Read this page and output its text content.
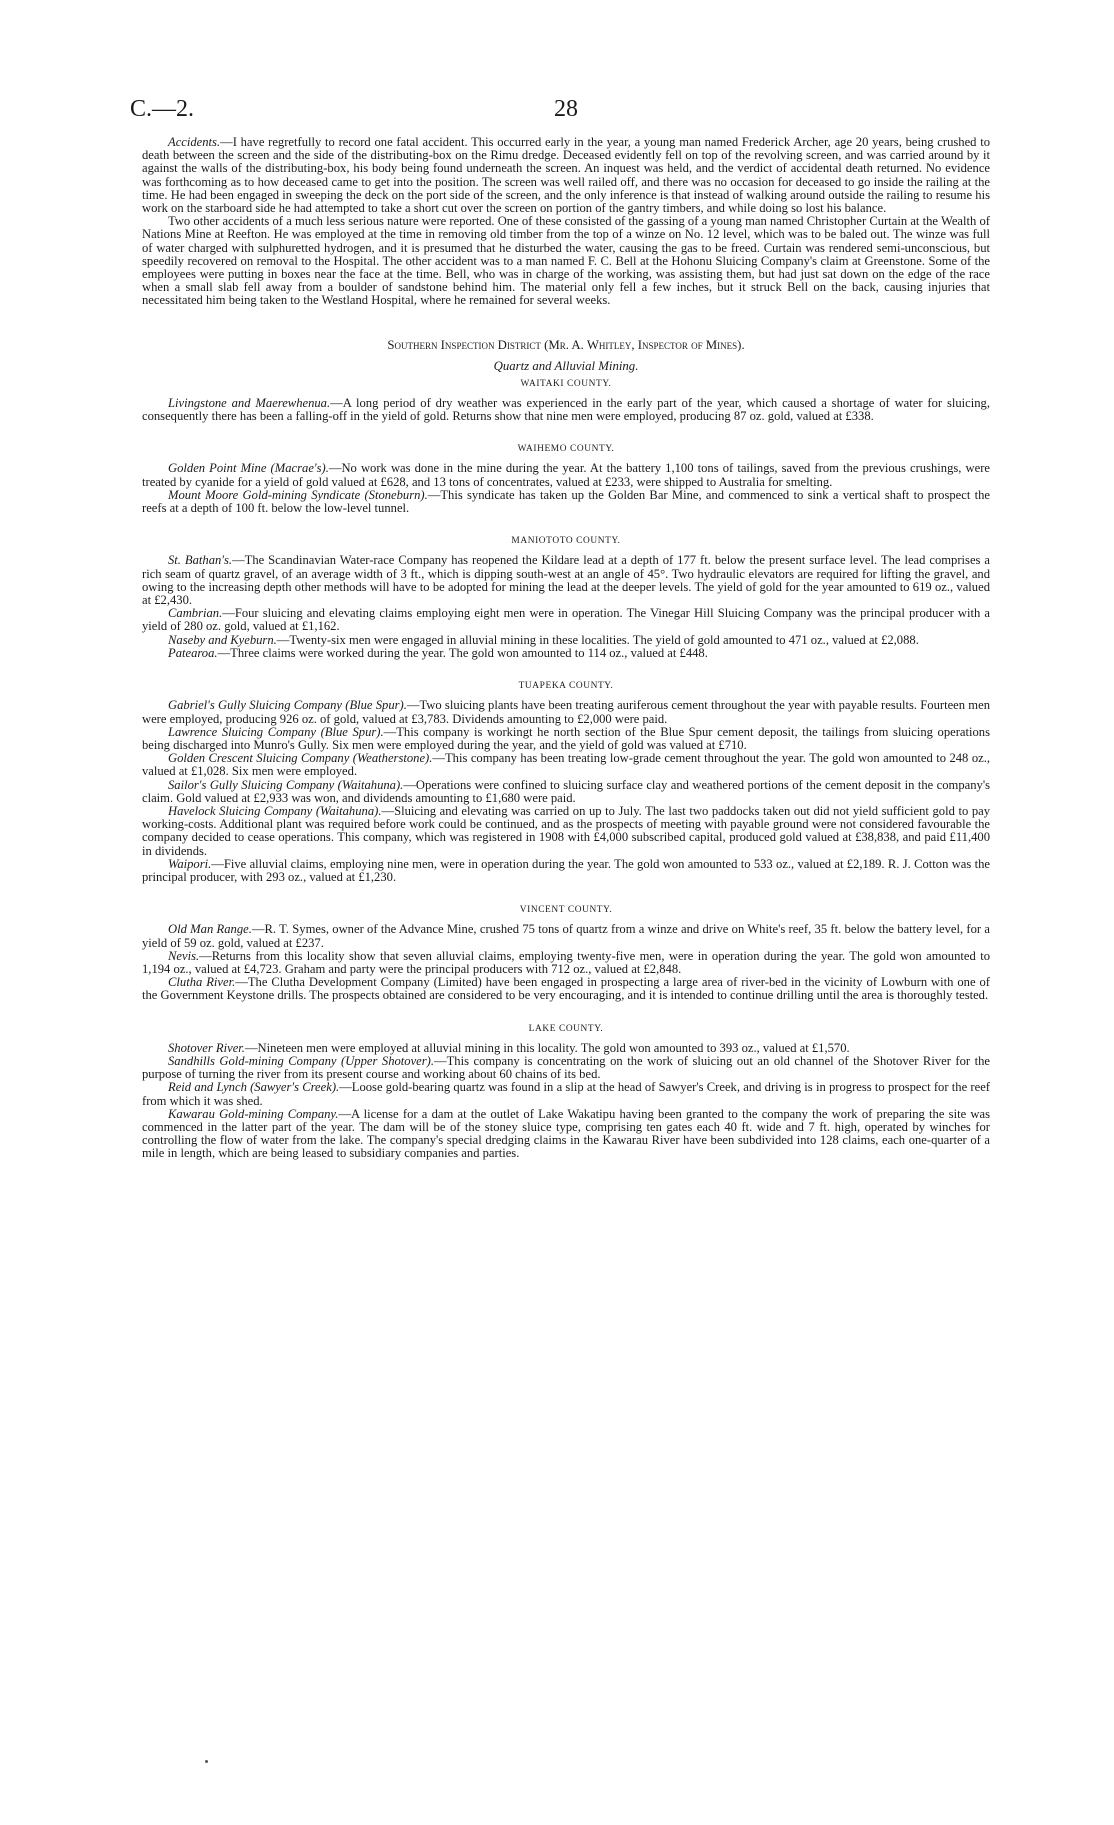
C.—2.	28

Accidents.—I have regretfully to record one fatal accident. This occurred early in the year, a young man named Frederick Archer, age 20 years, being crushed to death between the screen and the side of the distributing-box on the Rimu dredge. Deceased evidently fell on top of the revolving screen, and was carried around by it against the walls of the distributing-box, his body being found underneath the screen. An inquest was held, and the verdict of accidental death returned. No evidence was forthcoming as to how deceased came to get into the position. The screen was well railed off, and there was no occasion for deceased to go inside the railing at the time. He had been engaged in sweeping the deck on the port side of the screen, and the only inference is that instead of walking around outside the railing to resume his work on the starboard side he had attempted to take a short cut over the screen on portion of the gantry timbers, and while doing so lost his balance.

Two other accidents of a much less serious nature were reported. One of these consisted of the gassing of a young man named Christopher Curtain at the Wealth of Nations Mine at Reefton. He was employed at the time in removing old timber from the top of a winze on No. 12 level, which was to be baled out. The winze was full of water charged with sulphuretted hydrogen, and it is presumed that he disturbed the water, causing the gas to be freed. Curtain was rendered semi-unconscious, but speedily recovered on removal to the Hospital. The other accident was to a man named F. C. Bell at the Hohonu Sluicing Company's claim at Greenstone. Some of the employees were putting in boxes near the face at the time. Bell, who was in charge of the working, was assisting them, but had just sat down on the edge of the race when a small slab fell away from a boulder of sandstone behind him. The material only fell a few inches, but it struck Bell on the back, causing injuries that necessitated him being taken to the Westland Hospital, where he remained for several weeks.

Southern Inspection District (Mr. A. Whitley, Inspector of Mines).
Quartz and Alluvial Mining.
WAITAKI COUNTY.

Livingstone and Maerewhenua.—A long period of dry weather was experienced in the early part of the year, which caused a shortage of water for sluicing, consequently there has been a falling-off in the yield of gold. Returns show that nine men were employed, producing 87 oz. gold, valued at £338.

WAIHEMO COUNTY.

Golden Point Mine (Macrae's).—No work was done in the mine during the year. At the battery 1,100 tons of tailings, saved from the previous crushings, were treated by cyanide for a yield of gold valued at £628, and 13 tons of concentrates, valued at £233, were shipped to Australia for smelting.

Mount Moore Gold-mining Syndicate (Stoneburn).—This syndicate has taken up the Golden Bar Mine, and commenced to sink a vertical shaft to prospect the reefs at a depth of 100 ft. below the low-level tunnel.

MANIOTOTO COUNTY.

St. Bathan's.—The Scandinavian Water-race Company has reopened the Kildare lead at a depth of 177 ft. below the present surface level. The lead comprises a rich seam of quartz gravel, of an average width of 3 ft., which is dipping south-west at an angle of 45°. Two hydraulic elevators are required for lifting the gravel, and owing to the increasing depth other methods will have to be adopted for mining the lead at the deeper levels. The yield of gold for the year amounted to 619 oz., valued at £2,430.

Cambrian.—Four sluicing and elevating claims employing eight men were in operation. The Vinegar Hill Sluicing Company was the principal producer with a yield of 280 oz. gold, valued at £1,162.

Naseby and Kyeburn.—Twenty-six men were engaged in alluvial mining in these localities. The yield of gold amounted to 471 oz., valued at £2,088.

Patearoa.—Three claims were worked during the year. The gold won amounted to 114 oz., valued at £448.

TUAPEKA COUNTY.

Gabriel's Gully Sluicing Company (Blue Spur).—Two sluicing plants have been treating auriferous cement throughout the year with payable results. Fourteen men were employed, producing 926 oz. of gold, valued at £3,783. Dividends amounting to £2,000 were paid.

Lawrence Sluicing Company (Blue Spur).—This company is workingt he north section of the Blue Spur cement deposit, the tailings from sluicing operations being discharged into Munro's Gully. Six men were employed during the year, and the yield of gold was valued at £710.

Golden Crescent Sluicing Company (Weatherstone).—This company has been treating low-grade cement throughout the year. The gold won amounted to 248 oz., valued at £1,028. Six men were employed.

Sailor's Gully Sluicing Company (Waitahuna).—Operations were confined to sluicing surface clay and weathered portions of the cement deposit in the company's claim. Gold valued at £2,933 was won, and dividends amounting to £1,680 were paid.

Havelock Sluicing Company (Waitahuna).—Sluicing and elevating was carried on up to July. The last two paddocks taken out did not yield sufficient gold to pay working-costs. Additional plant was required before work could be continued, and as the prospects of meeting with payable ground were not considered favourable the company decided to cease operations. This company, which was registered in 1908 with £4,000 subscribed capital, produced gold valued at £38,838, and paid £11,400 in dividends.

Waipori.—Five alluvial claims, employing nine men, were in operation during the year. The gold won amounted to 533 oz., valued at £2,189. R. J. Cotton was the principal producer, with 293 oz., valued at £1,230.

VINCENT COUNTY.

Old Man Range.—R. T. Symes, owner of the Advance Mine, crushed 75 tons of quartz from a winze and drive on White's reef, 35 ft. below the battery level, for a yield of 59 oz. gold, valued at £237.

Nevis.—Returns from this locality show that seven alluvial claims, employing twenty-five men, were in operation during the year. The gold won amounted to 1,194 oz., valued at £4,723. Graham and party were the principal producers with 712 oz., valued at £2,848.

Clutha River.—The Clutha Development Company (Limited) have been engaged in prospecting a large area of river-bed in the vicinity of Lowburn with one of the Government Keystone drills. The prospects obtained are considered to be very encouraging, and it is intended to continue drilling until the area is thoroughly tested.

LAKE COUNTY.

Shotover River.—Nineteen men were employed at alluvial mining in this locality. The gold won amounted to 393 oz., valued at £1,570.

Sandhills Gold-mining Company (Upper Shotover).—This company is concentrating on the work of sluicing out an old channel of the Shotover River for the purpose of turning the river from its present course and working about 60 chains of its bed.

Reid and Lynch (Sawyer's Creek).—Loose gold-bearing quartz was found in a slip at the head of Sawyer's Creek, and driving is in progress to prospect for the reef from which it was shed.

Kawarau Gold-mining Company.—A license for a dam at the outlet of Lake Wakatipu having been granted to the company the work of preparing the site was commenced in the latter part of the year. The dam will be of the stoney sluice type, comprising ten gates each 40 ft. wide and 7 ft. high, operated by winches for controlling the flow of water from the lake. The company's special dredging claims in the Kawarau River have been subdivided into 128 claims, each one-quarter of a mile in length, which are being leased to subsidiary companies and parties.
